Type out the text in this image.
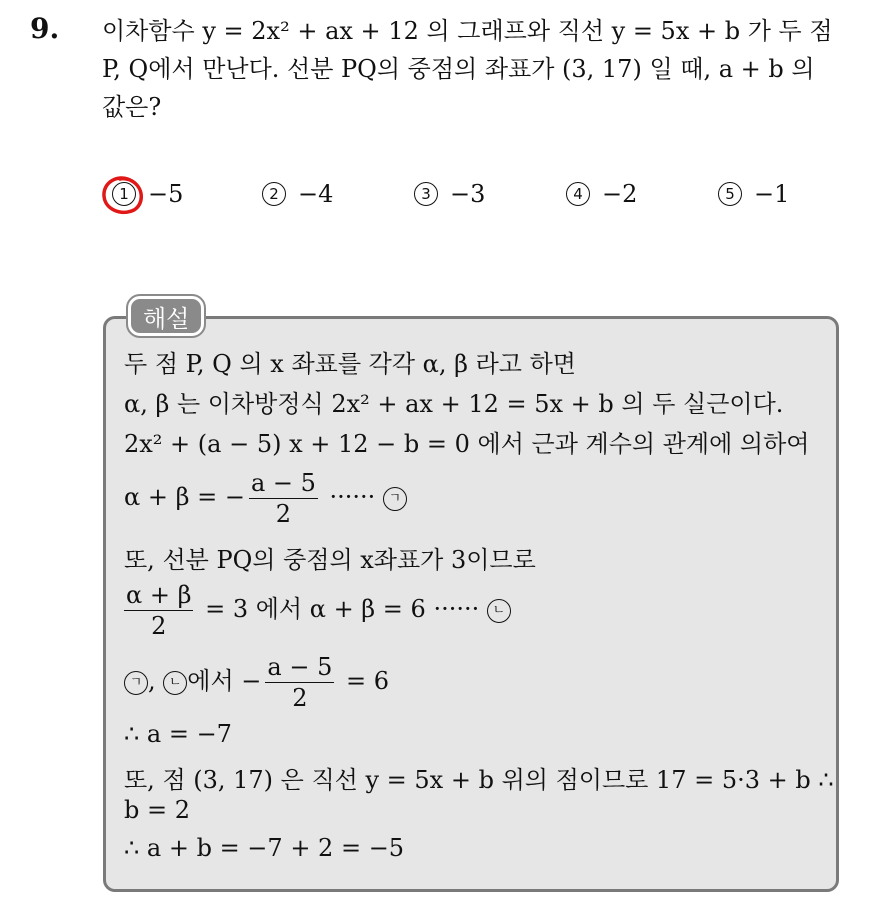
9. 이차함수 y = 2x² + ax + 12 의 그래프와 직선 y = 5x + b 가 두 점
P, Q에서 만난다. 선분 PQ의 중점의 좌표가 (3, 17) 일 때, a + b 의
값은?
1 −5	2 −4	3 −3	4 −2	5 −1
해설
두 점 P, Q 의 x 좌표를 각각 α, β 라고 하면
α, β 는 이차방정식 2x² + ax + 12 = 5x + b 의 두 실근이다.
2x² + (a − 5) x + 12 − b = 0 에서 근과 계수의 관계에 의하여
α + β = − $\frac{a - 5}{2}$ ······ ㄱ
또, 선분 PQ의 중점의 x좌표가 3이므로
$\frac{\alpha + \beta}{2} = 3$ 에서 α + β = 6 ······ ㄴ
ㄱ , ㄴ 에서 − $\frac{a - 5}{2} = 6$
∴ a = −7
또, 점 (3, 17) 은 직선 y = 5x + b 위의 점이므로 17 = 5·3 + b ∴
b = 2
∴ a + b = −7 + 2 = −5
